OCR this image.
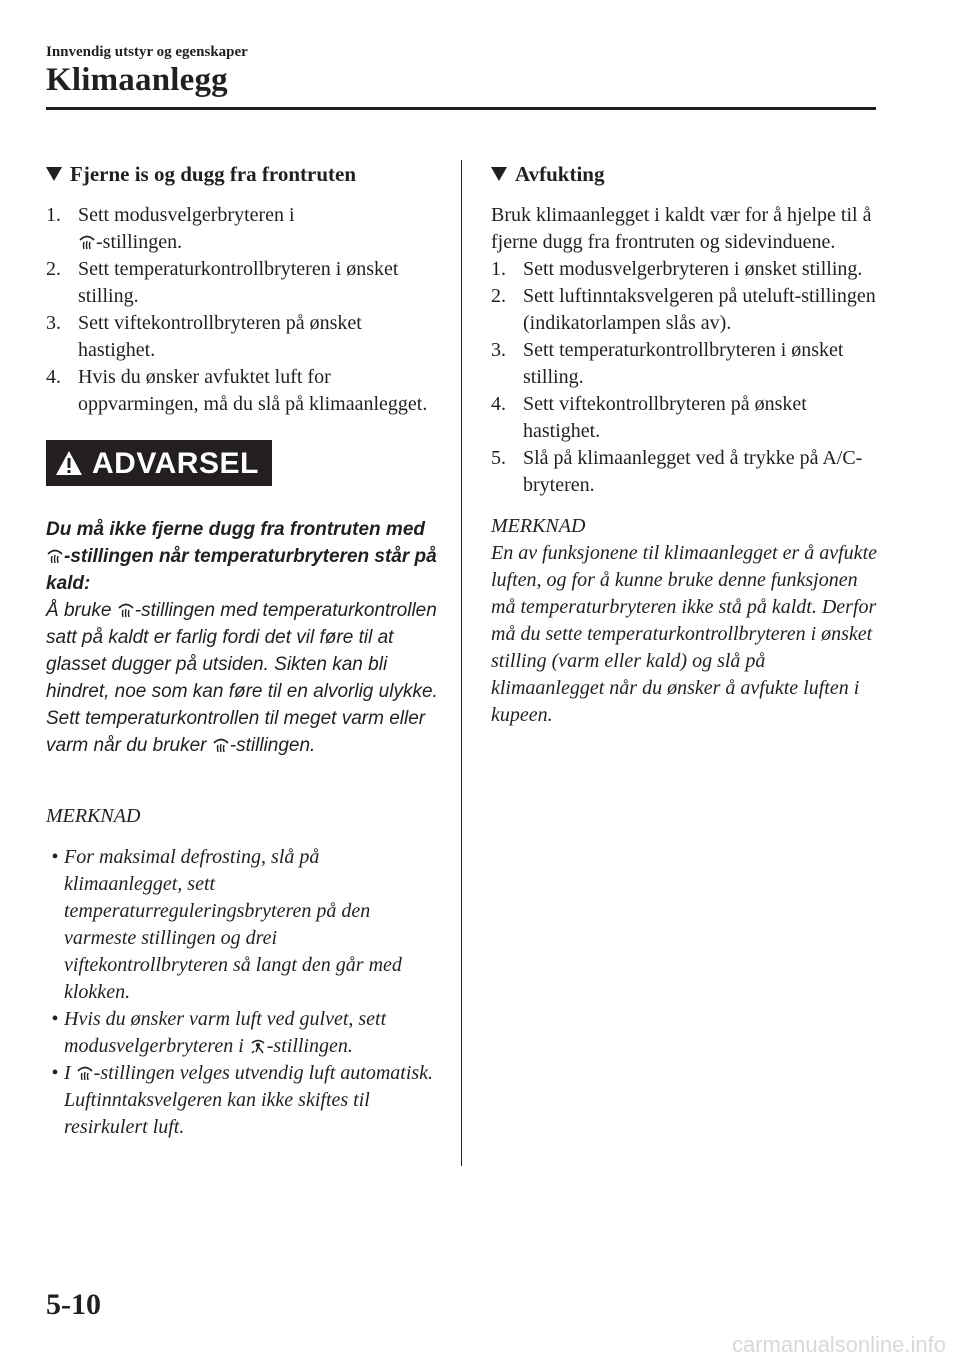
Innvendig utstyr og egenskaper
Klimaanlegg
Fjerne is og dugg fra frontruten
1. Sett modusvelgerbryteren i
-stillingen.
2. Sett temperaturkontrollbryteren i ønsket stilling.
3. Sett viftekontrollbryteren på ønsket hastighet.
4. Hvis du ønsker avfuktet luft for oppvarmingen, må du slå på klimaanlegget.
ADVARSEL
Du må ikke fjerne dugg fra frontruten med -stillingen når temperaturbryteren står på kald:
Å bruke -stillingen med temperaturkontrollen satt på kaldt er farlig fordi det vil føre til at glasset dugger på utsiden. Sikten kan bli hindret, noe som kan føre til en alvorlig ulykke. Sett temperaturkontrollen til meget varm eller varm når du bruker -stillingen.
MERKNAD
• For maksimal defrosting, slå på klimaanlegget, sett temperaturreguleringsbryteren på den varmeste stillingen og drei viftekontrollbryteren så langt den går med klokken.
• Hvis du ønsker varm luft ved gulvet, sett modusvelgerbryteren i -stillingen.
• I -stillingen velges utvendig luft automatisk. Luftinntaksvelgeren kan ikke skiftes til resirkulert luft.
Avfukting
Bruk klimaanlegget i kaldt vær for å hjelpe til å fjerne dugg fra frontruten og sidevinduene.
1. Sett modusvelgerbryteren i ønsket stilling.
2. Sett luftinntaksvelgeren på uteluft-stillingen (indikatorlampen slås av).
3. Sett temperaturkontrollbryteren i ønsket stilling.
4. Sett viftekontrollbryteren på ønsket hastighet.
5. Slå på klimaanlegget ved å trykke på A/C-bryteren.
MERKNAD
En av funksjonene til klimaanlegget er å avfukte luften, og for å kunne bruke denne funksjonen må temperaturbryteren ikke stå på kaldt. Derfor må du sette temperaturkontrollbryteren i ønsket stilling (varm eller kald) og slå på klimaanlegget når du ønsker å avfukte luften i kupeen.
5-10
carmanualsonline.info
